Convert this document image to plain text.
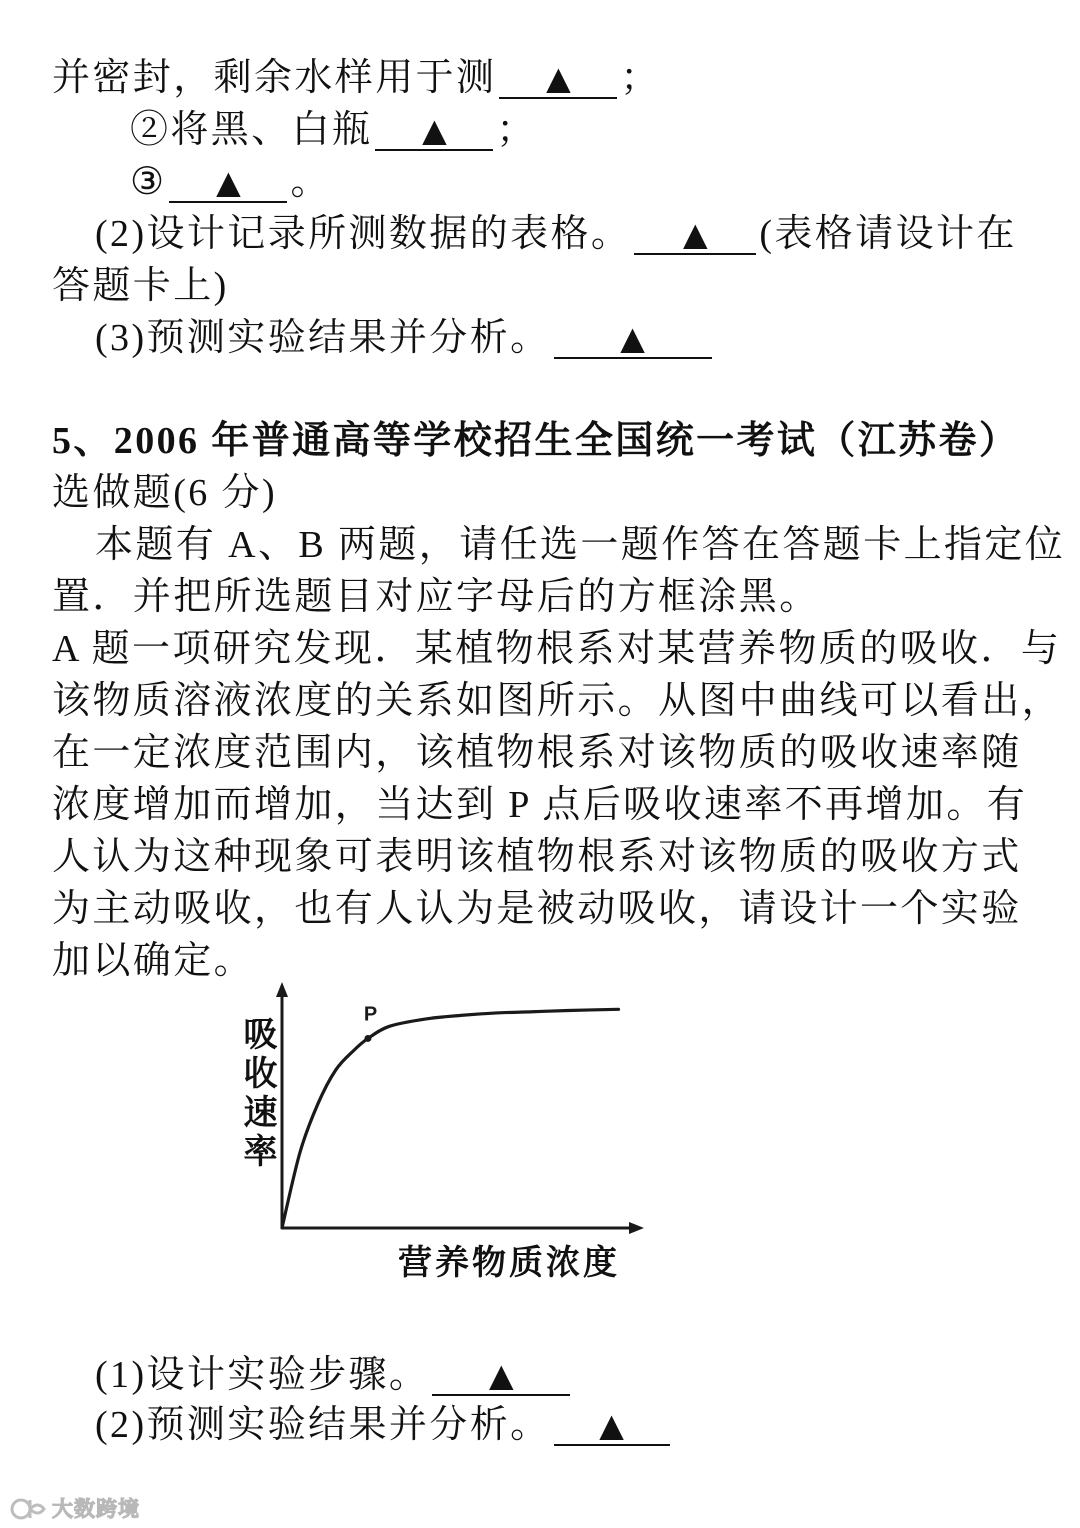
并密封，剩余水样用于测 ▲ ；
②将黑、白瓶 ▲ ；
③ ▲ 。
(2)设计记录所测数据的表格。 ▲ (表格请设计在
答题卡上)
(3)预测实验结果并分析。 ▲
5、2006 年普通高等学校招生全国统一考试（江苏卷）
选做题(6 分)
本题有 A、B 两题，请任选一题作答在答题卡上指定位
置．并把所选题目对应字母后的方框涂黑。
A 题一项研究发现．某植物根系对某营养物质的吸收．与
该物质溶液浓度的关系如图所示。从图中曲线可以看出，
在一定浓度范围内，该植物根系对该物质的吸收速率随
浓度增加而增加，当达到 P 点后吸收速率不再增加。有
人认为这种现象可表明该植物根系对该物质的吸收方式
为主动吸收，也有人认为是被动吸收，请设计一个实验
加以确定。
P
吸收速率
营养物质浓度
(1)设计实验步骤。 ▲
(2)预测实验结果并分析。 ▲
大数跨境
